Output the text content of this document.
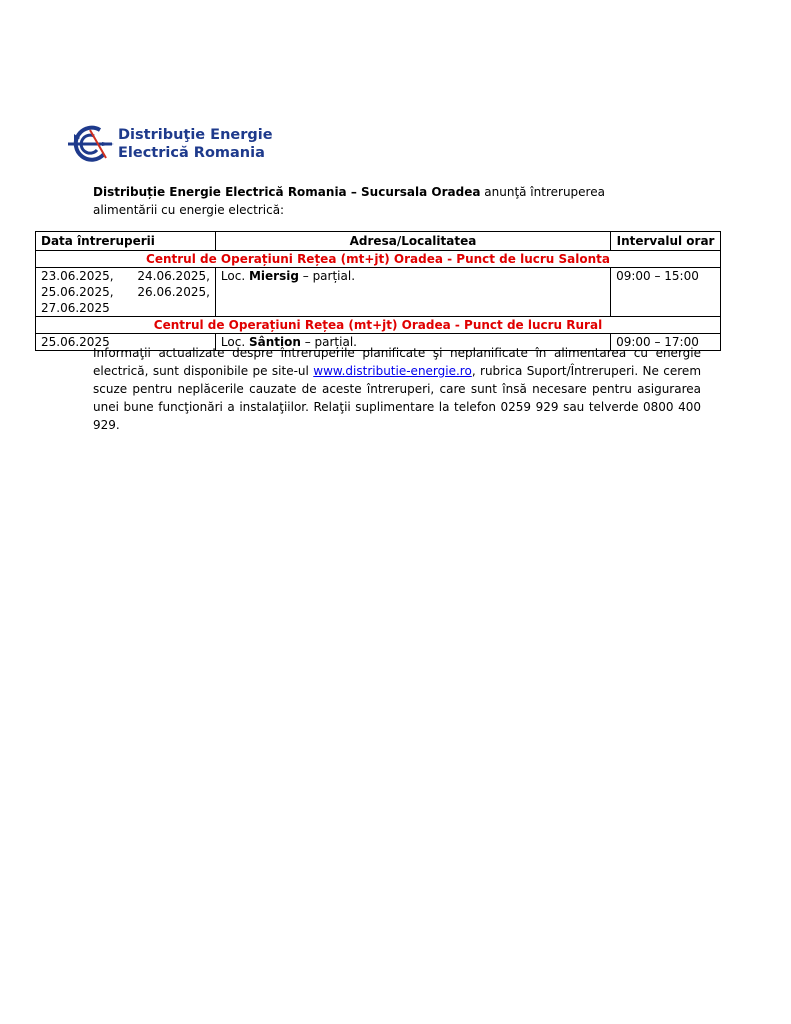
Distribuţie Energie
Electrică Romania
Distribuție Energie Electrică Romania – Sucursala Oradea anunţă întreruperea alimentării cu energie electrică:
Data întreruperii	Adresa/Localitatea	Intervalul orar
Centrul de Operațiuni Rețea (mt+jt) Oradea - Punct de lucru Salonta		

23.06.2025, 24.06.2025,
25.06.2025, 26.06.2025,
27.06.2025	Loc. Miersig – parțial.	09:00 – 15:00
Centrul de Operațiuni Rețea (mt+jt) Oradea - Punct de lucru Rural		
25.06.2025	Loc. Sântion – parțial.	09:00 – 17:00
Informaţii actualizate despre întreruperile planificate şi neplanificate în alimentarea cu energie electrică, sunt disponibile pe site-ul www.distributie-energie.ro, rubrica Suport/Întreruperi. Ne cerem scuze pentru neplăcerile cauzate de aceste întreruperi, care sunt însă necesare pentru asigurarea unei bune funcţionări a instalaţiilor. Relaţii suplimentare la telefon 0259 929 sau telverde 0800 400 929.
